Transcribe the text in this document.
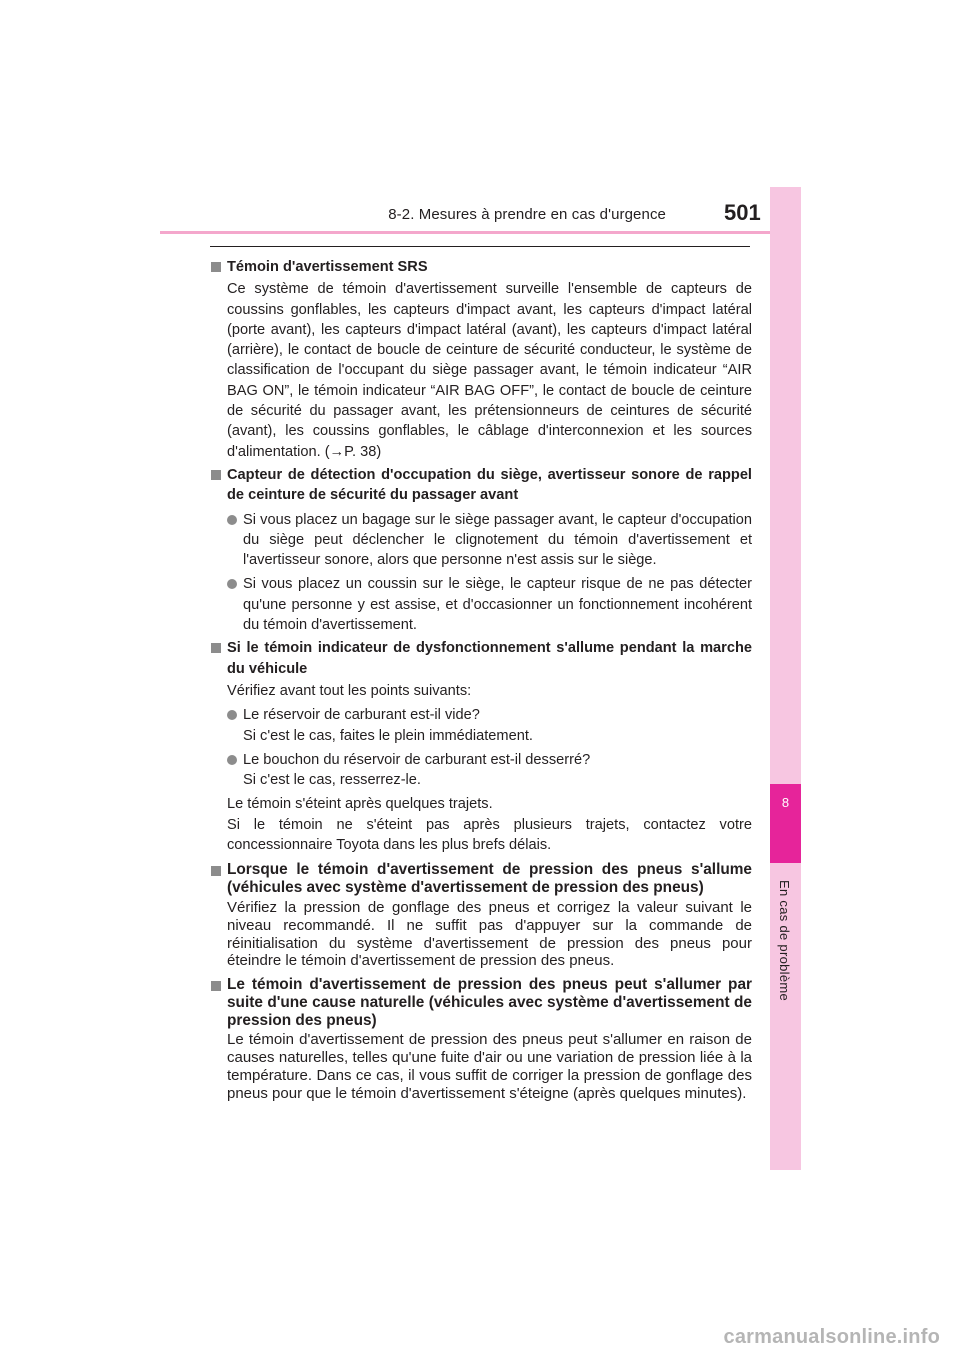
8-2. Mesures à prendre en cas d'urgence	501
8
En cas de problème
Témoin d'avertissement SRS
Ce système de témoin d'avertissement surveille l'ensemble de capteurs de coussins gonflables, les capteurs d'impact avant, les capteurs d'impact latéral (porte avant), les capteurs d'impact latéral (avant), les capteurs d'impact latéral (arrière), le contact de boucle de ceinture de sécurité conducteur, le système de classification de l'occupant du siège passager avant, le témoin indicateur “AIR BAG ON”, le témoin indicateur “AIR BAG OFF”, le contact de boucle de ceinture de sécurité du passager avant, les prétensionneurs de ceintures de sécurité (avant), les coussins gonflables, le câblage d'interconnexion et les sources d'alimentation. (→P. 38)
Capteur de détection d'occupation du siège, avertisseur sonore de rappel de ceinture de sécurité du passager avant
Si vous placez un bagage sur le siège passager avant, le capteur d'occupation du siège peut déclencher le clignotement du témoin d'avertissement et l'avertisseur sonore, alors que personne n'est assis sur le siège.
Si vous placez un coussin sur le siège, le capteur risque de ne pas détecter qu'une personne y est assise, et d'occasionner un fonctionnement incohérent du témoin d'avertissement.
Si le témoin indicateur de dysfonctionnement s'allume pendant la marche du véhicule
Vérifiez avant tout les points suivants:
Le réservoir de carburant est-il vide?
Si c'est le cas, faites le plein immédiatement.
Le bouchon du réservoir de carburant est-il desserré?
Si c'est le cas, resserrez-le.
Le témoin s'éteint après quelques trajets.
Si le témoin ne s'éteint pas après plusieurs trajets, contactez votre concessionnaire Toyota dans les plus brefs délais.
Lorsque le témoin d'avertissement de pression des pneus s'allume (véhicules avec système d'avertissement de pression des pneus)
Vérifiez la pression de gonflage des pneus et corrigez la valeur suivant le niveau recommandé. Il ne suffit pas d'appuyer sur la commande de réinitialisation du système d'avertissement de pression des pneus pour éteindre le témoin d'avertissement de pression des pneus.
Le témoin d'avertissement de pression des pneus peut s'allumer par suite d'une cause naturelle (véhicules avec système d'avertissement de pression des pneus)
Le témoin d'avertissement de pression des pneus peut s'allumer en raison de causes naturelles, telles qu'une fuite d'air ou une variation de pression liée à la température. Dans ce cas, il vous suffit de corriger la pression de gonflage des pneus pour que le témoin d'avertissement s'éteigne (après quelques minutes).
carmanualsonline.info
